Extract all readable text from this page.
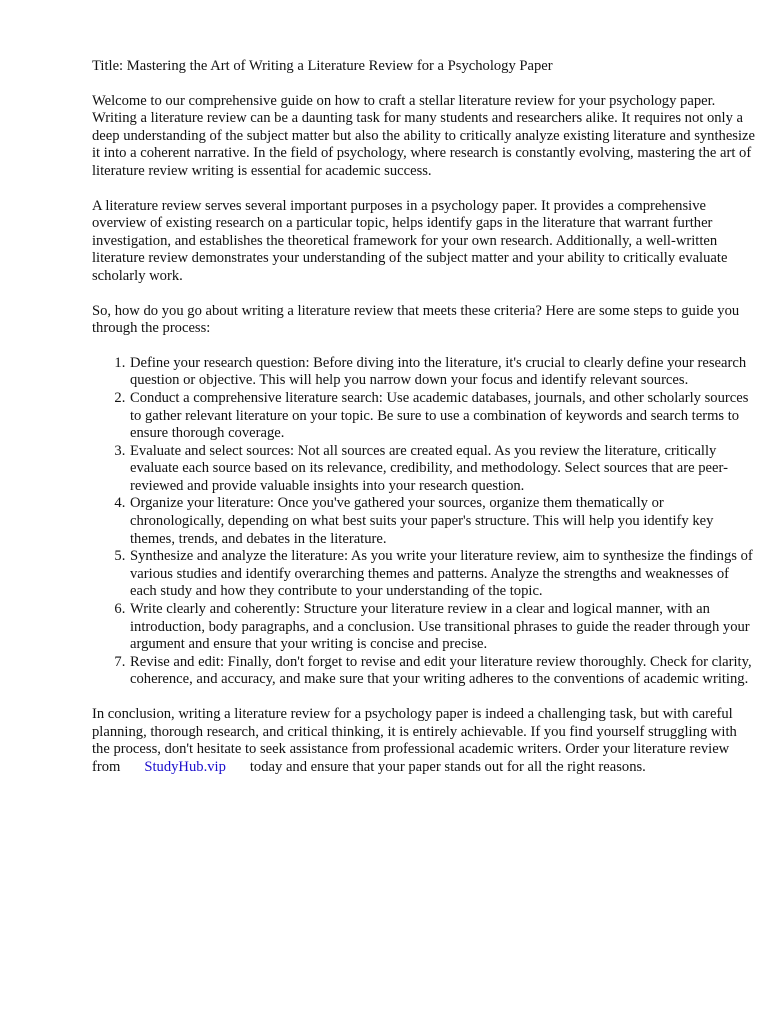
Title: Mastering the Art of Writing a Literature Review for a Psychology Paper

Welcome to our comprehensive guide on how to craft a stellar literature review for your psychology paper. Writing a literature review can be a daunting task for many students and researchers alike. It requires not only a deep understanding of the subject matter but also the ability to critically analyze existing literature and synthesize it into a coherent narrative. In the field of psychology, where research is constantly evolving, mastering the art of literature review writing is essential for academic success.

A literature review serves several important purposes in a psychology paper. It provides a comprehensive overview of existing research on a particular topic, helps identify gaps in the literature that warrant further investigation, and establishes the theoretical framework for your own research. Additionally, a well-written literature review demonstrates your understanding of the subject matter and your ability to critically evaluate scholarly work.

So, how do you go about writing a literature review that meets these criteria? Here are some steps to guide you through the process:

1. Define your research question: Before diving into the literature, it's crucial to clearly define your research question or objective. This will help you narrow down your focus and identify relevant sources.
2. Conduct a comprehensive literature search: Use academic databases, journals, and other scholarly sources to gather relevant literature on your topic. Be sure to use a combination of keywords and search terms to ensure thorough coverage.
3. Evaluate and select sources: Not all sources are created equal. As you review the literature, critically evaluate each source based on its relevance, credibility, and methodology. Select sources that are peer-reviewed and provide valuable insights into your research question.
4. Organize your literature: Once you've gathered your sources, organize them thematically or chronologically, depending on what best suits your paper's structure. This will help you identify key themes, trends, and debates in the literature.
5. Synthesize and analyze the literature: As you write your literature review, aim to synthesize the findings of various studies and identify overarching themes and patterns. Analyze the strengths and weaknesses of each study and how they contribute to your understanding of the topic.
6. Write clearly and coherently: Structure your literature review in a clear and logical manner, with an introduction, body paragraphs, and a conclusion. Use transitional phrases to guide the reader through your argument and ensure that your writing is concise and precise.
7. Revise and edit: Finally, don't forget to revise and edit your literature review thoroughly. Check for clarity, coherence, and accuracy, and make sure that your writing adheres to the conventions of academic writing.

In conclusion, writing a literature review for a psychology paper is indeed a challenging task, but with careful planning, thorough research, and critical thinking, it is entirely achievable. If you find yourself struggling with the process, don't hesitate to seek assistance from professional academic writers. Order your literature review from StudyHub.vip today and ensure that your paper stands out for all the right reasons.
